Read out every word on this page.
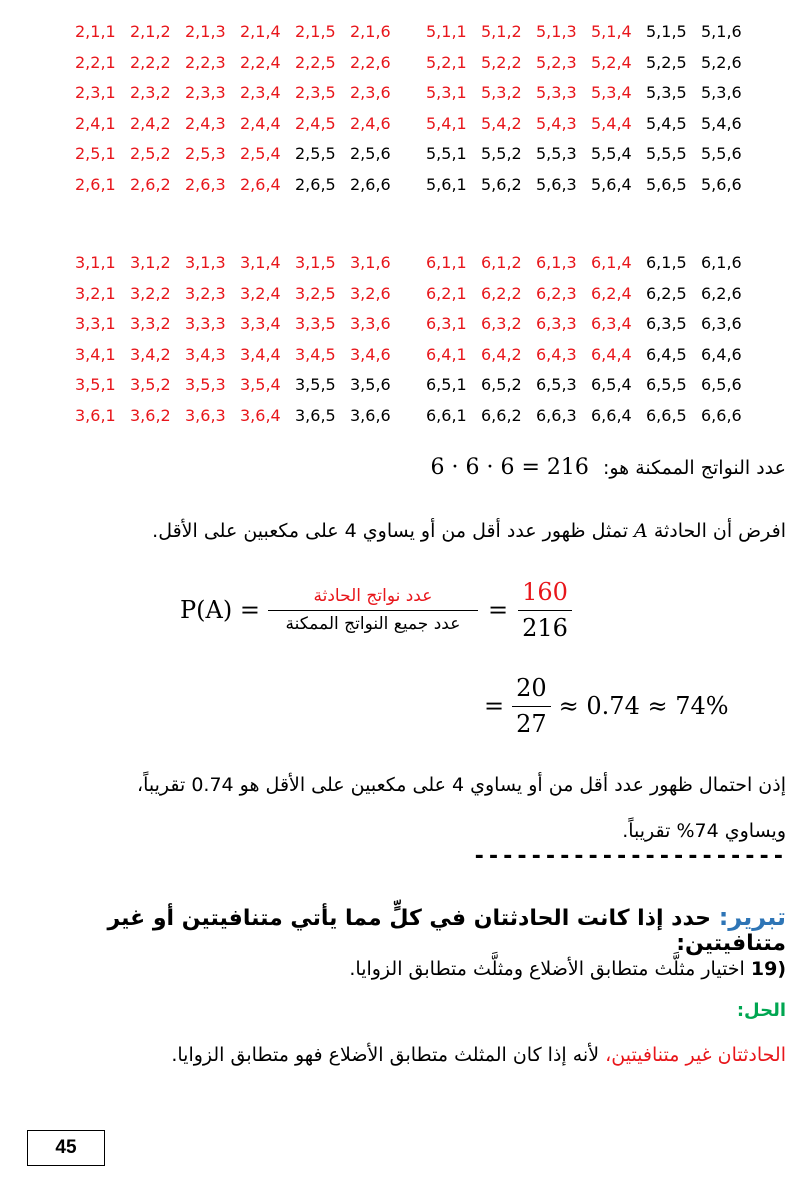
2,1,1 2,1,2 2,1,3 2,1,4 2,1,5 2,1,6
2,2,1 2,2,2 2,2,3 2,2,4 2,2,5 2,2,6
2,3,1 2,3,2 2,3,3 2,3,4 2,3,5 2,3,6
2,4,1 2,4,2 2,4,3 2,4,4 2,4,5 2,4,6
2,5,1 2,5,2 2,5,3 2,5,4 2,5,5 2,5,6
2,6,1 2,6,2 2,6,3 2,6,4 2,6,5 2,6,6
5,1,1 5,1,2 5,1,3 5,1,4 5,1,5 5,1,6
5,2,1 5,2,2 5,2,3 5,2,4 5,2,5 5,2,6
5,3,1 5,3,2 5,3,3 5,3,4 5,3,5 5,3,6
5,4,1 5,4,2 5,4,3 5,4,4 5,4,5 5,4,6
5,5,1 5,5,2 5,5,3 5,5,4 5,5,5 5,5,6
5,6,1 5,6,2 5,6,3 5,6,4 5,6,5 5,6,6
3,1,1 3,1,2 3,1,3 3,1,4 3,1,5 3,1,6
3,2,1 3,2,2 3,2,3 3,2,4 3,2,5 3,2,6
3,3,1 3,3,2 3,3,3 3,3,4 3,3,5 3,3,6
3,4,1 3,4,2 3,4,3 3,4,4 3,4,5 3,4,6
3,5,1 3,5,2 3,5,3 3,5,4 3,5,5 3,5,6
3,6,1 3,6,2 3,6,3 3,6,4 3,6,5 3,6,6
6,1,1 6,1,2 6,1,3 6,1,4 6,1,5 6,1,6
6,2,1 6,2,2 6,2,3 6,2,4 6,2,5 6,2,6
6,3,1 6,3,2 6,3,3 6,3,4 6,3,5 6,3,6
6,4,1 6,4,2 6,4,3 6,4,4 6,4,5 6,4,6
6,5,1 6,5,2 6,5,3 6,5,4 6,5,5 6,5,6
6,6,1 6,6,2 6,6,3 6,6,4 6,6,5 6,6,6
عدد النواتج الممكنة هو: 6 · 6 · 6 = 216
افرض أن الحادثة A تمثل ظهور عدد أقل من أو يساوي 4 على مكعبين على الأقل.
$P(A) = \frac{\text{عدد نواتج الحادثة}}{\text{عدد جميع النواتج الممكنة}} = \frac{160}{216}$
= $\frac{20}{27} \approx 0.74 \approx 74\%$
إذن احتمال ظهور عدد أقل من أو يساوي 4 على مكعبين على الأقل هو 0.74 تقريباً،
ويساوي 74% تقريباً.
----------------------
تبرير: حدد إذا كانت الحادثتان في كلٍّ مما يأتي متنافيتين أو غير متنافيتين:
19) اختيار مثلَّث متطابق الأضلاع ومثلَّث متطابق الزوايا.
الحل:
الحادثتان غير متنافيتين، لأنه إذا كان المثلث متطابق الأضلاع فهو متطابق الزوايا.
45
